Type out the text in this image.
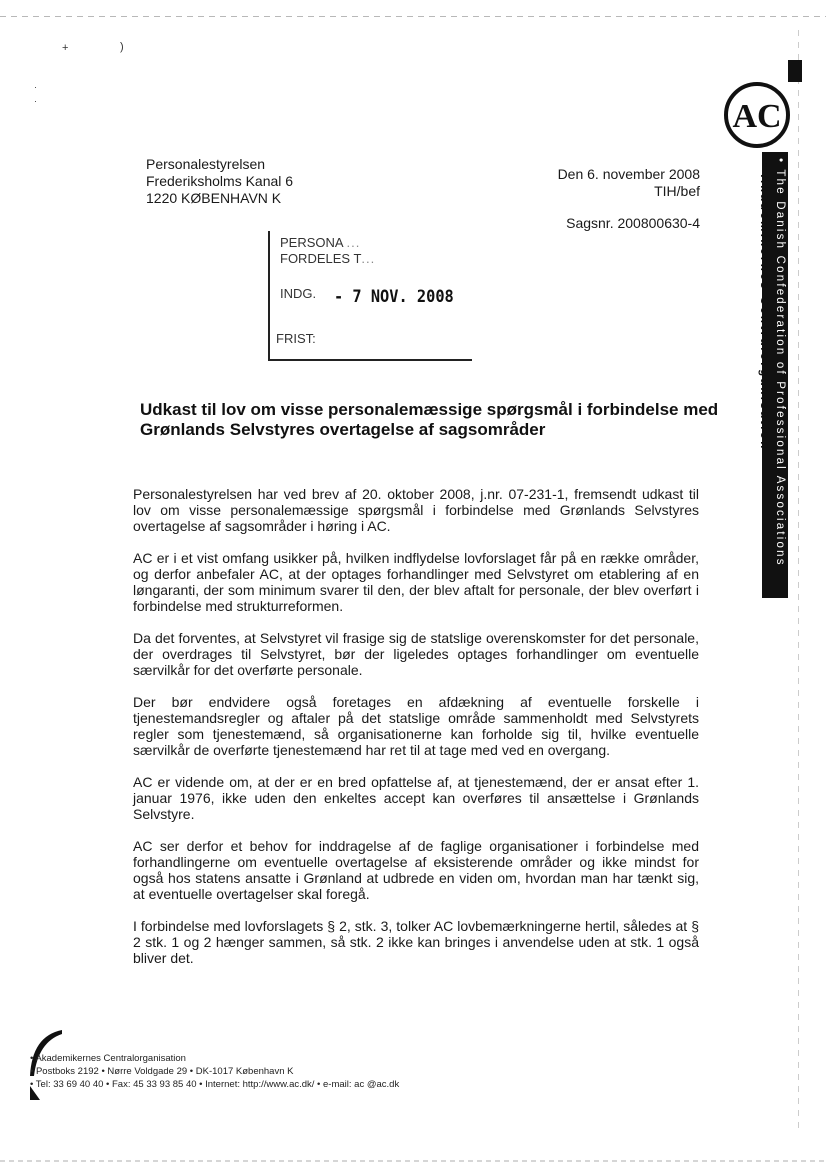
+	)
·
·	AC
• The Danish Confederation of Professional Associations
• Akademikernes Centralorganisation
Personalestyrelsen
Frederiksholms Kanal 6
1220 KØBENHAVN K
Den 6. november 2008
TIH/bef
Sagsnr. 200800630-4
PERSONA ...
FORDELES T...
INDG. - 7 NOV. 2008
FRIST:
Udkast til lov om visse personalemæssige spørgsmål i forbindelse med Grønlands Selvstyres overtagelse af sagsområder

Personalestyrelsen har ved brev af 20. oktober 2008, j.nr. 07-231-1, fremsendt udkast til lov om visse personalemæssige spørgsmål i forbindelse med Grønlands Selvstyres overtagelse af sagsområder i høring i AC.

AC er i et vist omfang usikker på, hvilken indflydelse lovforslaget får på en række områder, og derfor anbefaler AC, at der optages forhandlinger med Selvstyret om etablering af en løngaranti, der som minimum svarer til den, der blev aftalt for personale, der blev overført i forbindelse med strukturreformen.

Da det forventes, at Selvstyret vil frasige sig de statslige overenskomster for det personale, der overdrages til Selvstyret, bør der ligeledes optages forhandlinger om eventuelle særvilkår for det overførte personale.

Der bør endvidere også foretages en afdækning af eventuelle forskelle i tjenestemandsregler og aftaler på det statslige område sammenholdt med Selvstyrets regler som tjenestemænd, så organisationerne kan forholde sig til, hvilke eventuelle særvilkår de overførte tjenestemænd har ret til at tage med ved en overgang.

AC er vidende om, at der er en bred opfattelse af, at tjenestemænd, der er ansat efter 1. januar 1976, ikke uden den enkeltes accept kan overføres til ansættelse i Grønlands Selvstyre.

AC ser derfor et behov for inddragelse af de faglige organisationer i forbindelse med forhandlingerne om eventuelle overtagelse af eksisterende områder og ikke mindst for også hos statens ansatte i Grønland at udbrede en viden om, hvordan man har tænkt sig, at eventuelle overtagelser skal foregå.

I forbindelse med lovforslagets § 2, stk. 3, tolker AC lovbemærkningerne hertil, således at § 2 stk. 1 og 2 hænger sammen, så stk. 2 ikke kan bringes i anvendelse uden at stk. 1 også bliver det.

• Akademikernes Centralorganisation
• Postboks 2192 • Nørre Voldgade 29 • DK-1017 København K
• Tel: 33 69 40 40 • Fax: 45 33 93 85 40 • Internet: http://www.ac.dk/ • e-mail: ac @ac.dk
